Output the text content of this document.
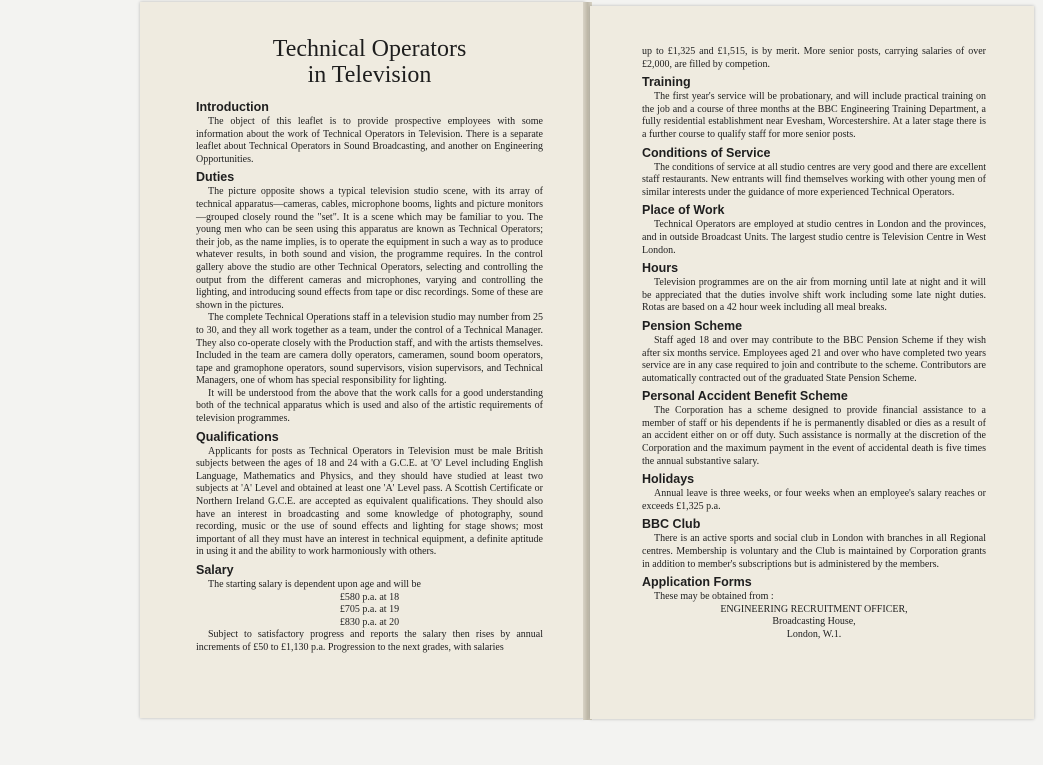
Technical Operators
in Television
Introduction

The object of this leaflet is to provide prospective employees with some information about the work of Technical Operators in Television. There is a separate leaflet about Technical Operators in Sound Broadcasting, and another on Engineering Opportunities.

Duties

The picture opposite shows a typical television studio scene, with its array of technical apparatus—cameras, cables, microphone booms, lights and picture monitors—grouped closely round the "set". It is a scene which may be familiar to you. The young men who can be seen using this apparatus are known as Technical Operators; their job, as the name implies, is to operate the equipment in such a way as to produce whatever results, in both sound and vision, the programme requires. In the control gallery above the studio are other Technical Operators, selecting and controlling the output from the different cameras and microphones, varying and controlling the lighting, and introducing sound effects from tape or disc recordings. Some of these are shown in the pictures.

The complete Technical Operations staff in a television studio may number from 25 to 30, and they all work together as a team, under the control of a Technical Manager. They also co-operate closely with the Production staff, and with the artists themselves. Included in the team are camera dolly operators, cameramen, sound boom operators, tape and gramophone operators, sound supervisors, vision supervisors, and Technical Managers, one of whom has special responsibility for lighting.

It will be understood from the above that the work calls for a good understanding both of the technical apparatus which is used and also of the artistic requirements of television programmes.

Qualifications

Applicants for posts as Technical Operators in Television must be male British subjects between the ages of 18 and 24 with a G.C.E. at 'O' Level including English Language, Mathematics and Physics, and they should have studied at least two subjects at 'A' Level and obtained at least one 'A' Level pass. A Scottish Certificate or Northern Ireland G.C.E. are accepted as equivalent qualifications. They should also have an interest in broadcasting and some knowledge of photography, sound recording, music or the use of sound effects and lighting for stage shows; most important of all they must have an interest in technical equipment, a definite aptitude in using it and the ability to work harmoniously with others.

Salary

The starting salary is dependent upon age and will be

£580 p.a. at 18
£705 p.a. at 19
£830 p.a. at 20

Subject to satisfactory progress and reports the salary then rises by annual increments of £50 to £1,130 p.a. Progression to the next grades, with salaries

up to £1,325 and £1,515, is by merit. More senior posts, carrying salaries of over £2,000, are filled by competion.

Training

The first year's service will be probationary, and will include practical training on the job and a course of three months at the BBC Engineering Training Department, a fully residential establishment near Evesham, Worcestershire. At a later stage there is a further course to qualify staff for more senior posts.

Conditions of Service

The conditions of service at all studio centres are very good and there are excellent staff restaurants. New entrants will find themselves working with other young men of similar interests under the guidance of more experienced Technical Operators.

Place of Work

Technical Operators are employed at studio centres in London and the provinces, and in outside Broadcast Units. The largest studio centre is Television Centre in West London.

Hours

Television programmes are on the air from morning until late at night and it will be appreciated that the duties involve shift work including some late night duties. Rotas are based on a 42 hour week including all meal breaks.

Pension Scheme

Staff aged 18 and over may contribute to the BBC Pension Scheme if they wish after six months service. Employees aged 21 and over who have completed two years service are in any case required to join and contribute to the scheme. Contributors are automatically contracted out of the graduated State Pension Scheme.

Personal Accident Benefit Scheme

The Corporation has a scheme designed to provide financial assistance to a member of staff or his dependents if he is permanently disabled or dies as a result of an accident either on or off duty. Such assistance is normally at the discretion of the Corporation and the maximum payment in the event of accidental death is five times the annual substantive salary.

Holidays

Annual leave is three weeks, or four weeks when an employee's salary reaches or exceeds £1,325 p.a.

BBC Club

There is an active sports and social club in London with branches in all Regional centres. Membership is voluntary and the Club is maintained by Corporation grants in addition to member's subscriptions but is administered by the members.

Application Forms

These may be obtained from :

ENGINEERING RECRUITMENT OFFICER,
Broadcasting House,
London, W.1.
